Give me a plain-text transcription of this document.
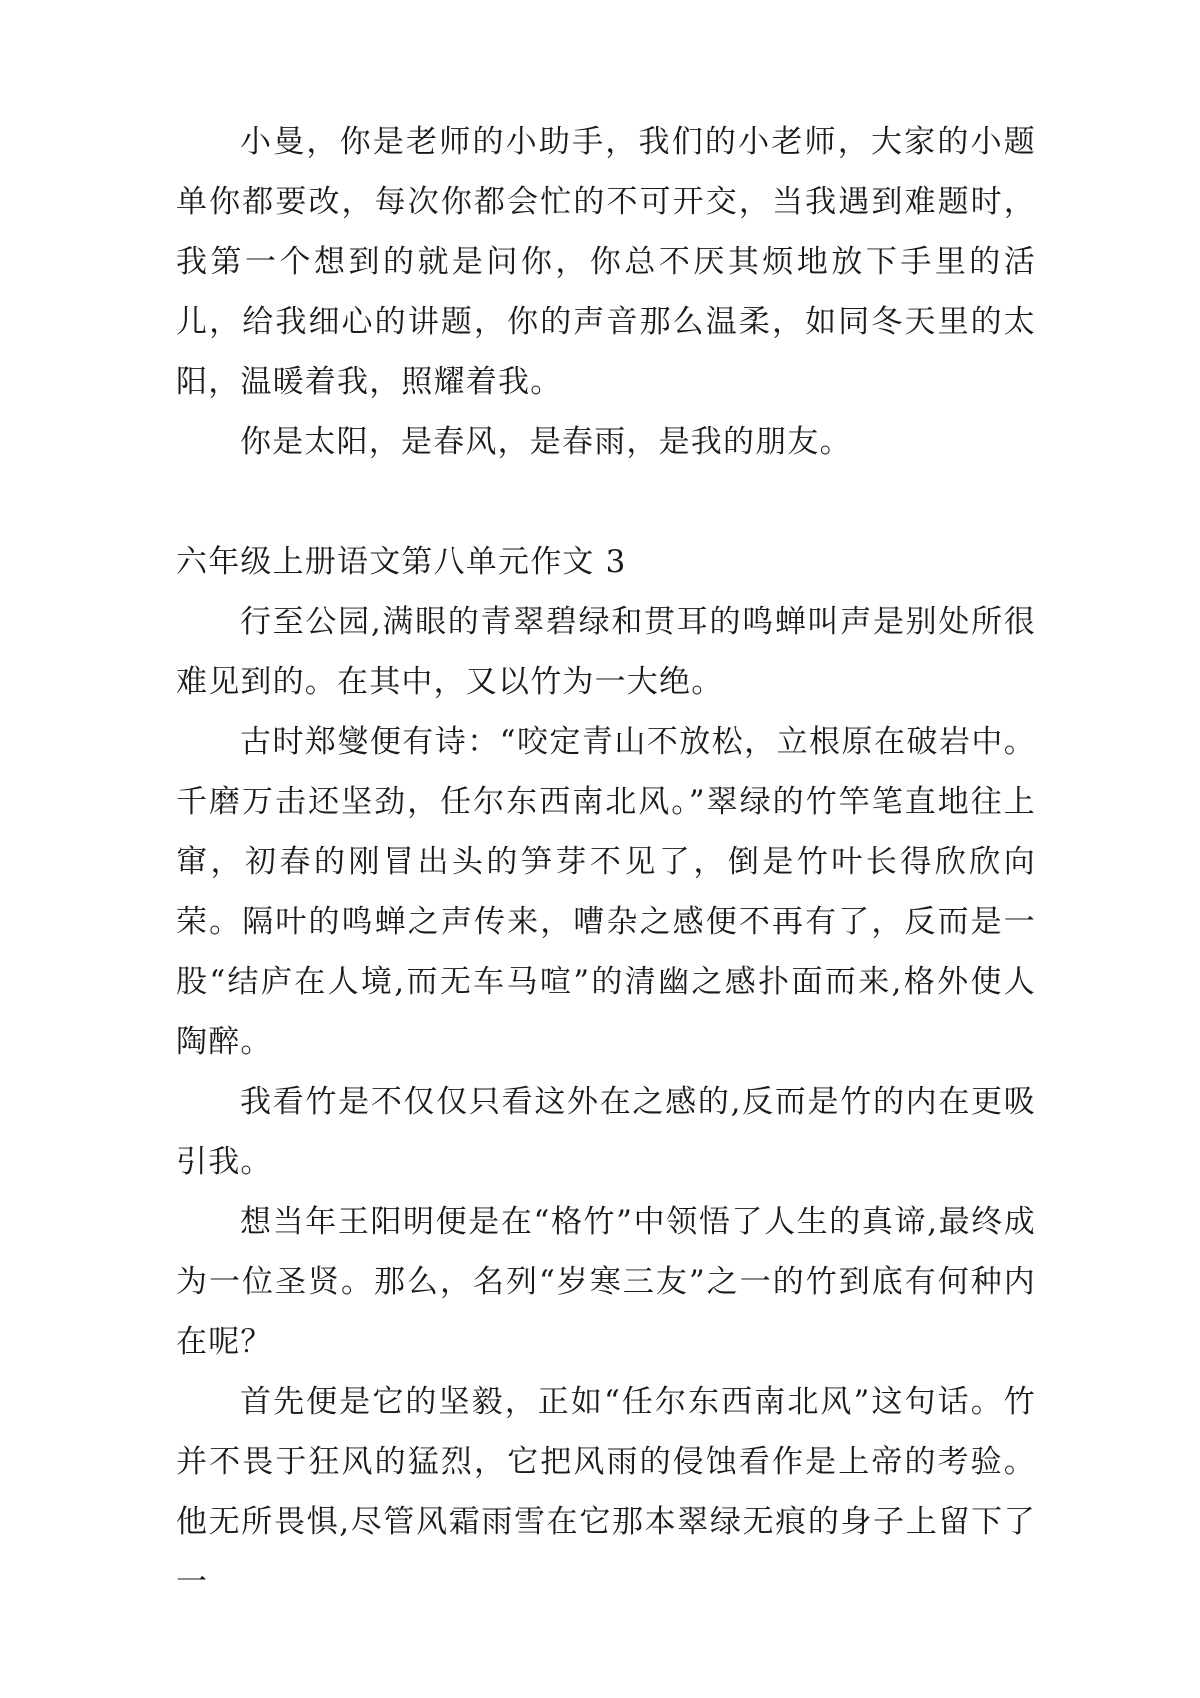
小曼，你是老师的小助手，我们的小老师，大家的小题单你都要改，每次你都会忙的不可开交，当我遇到难题时，我第一个想到的就是问你，你总不厌其烦地放下手里的活儿，给我细心的讲题，你的声音那么温柔，如同冬天里的太阳，温暖着我，照耀着我。

你是太阳，是春风，是春雨，是我的朋友。

六年级上册语文第八单元作文 3

行至公园,满眼的青翠碧绿和贯耳的鸣蝉叫声是别处所很难见到的。在其中，又以竹为一大绝。

古时郑燮便有诗：“咬定青山不放松，立根原在破岩中。千磨万击还坚劲，任尔东西南北风。”翠绿的竹竿笔直地往上窜，初春的刚冒出头的笋芽不见了，倒是竹叶长得欣欣向荣。隔叶的鸣蝉之声传来，嘈杂之感便不再有了，反而是一股“结庐在人境,而无车马喧”的清幽之感扑面而来,格外使人陶醉。

我看竹是不仅仅只看这外在之感的,反而是竹的内在更吸引我。

想当年王阳明便是在“格竹”中领悟了人生的真谛,最终成为一位圣贤。那么，名列“岁寒三友”之一的竹到底有何种内在呢？

首先便是它的坚毅，正如“任尔东西南北风”这句话。竹并不畏于狂风的猛烈，它把风雨的侵蚀看作是上帝的考验。他无所畏惧,尽管风霜雨雪在它那本翠绿无痕的身子上留下了一
